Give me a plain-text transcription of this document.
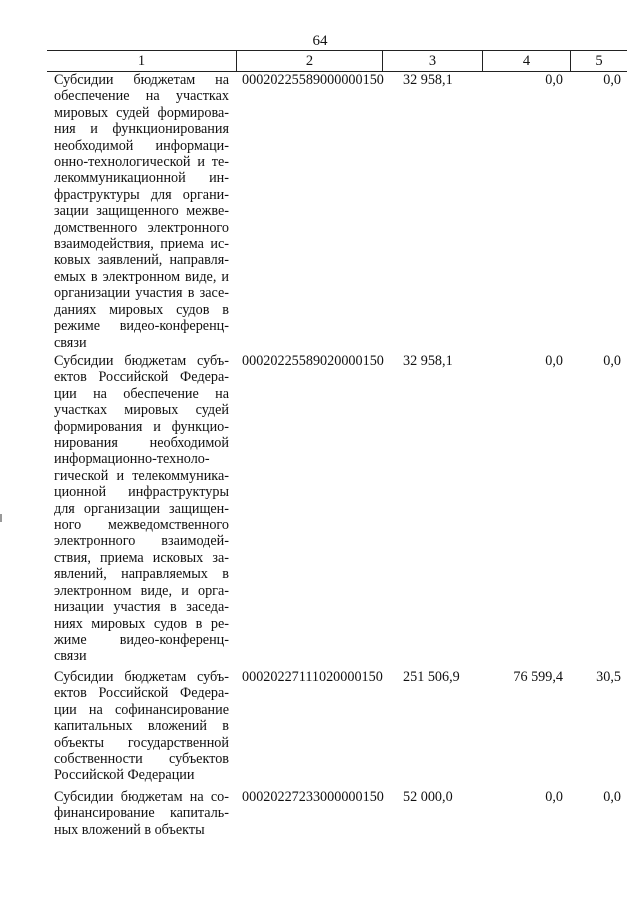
64
1	2	3	4	5
Субсидии бюджетам на
обеспечение на участках
мировых судей формирова-
ния и функционирования
необходимой информаци-
онно-технологической и те-
лекоммуникационной ин-
фраструктуры для органи-
зации защищенного межве-
домственного электронного
взаимодействия, приема ис-
ковых заявлений, направля-
емых в электронном виде, и
организации участия в засе-
даниях мировых судов в
режиме видео-конференц-
связи
00020225589000000150 32 958,1	0,0	0,0
Субсидии бюджетам субъ-
ектов Российской Федера-
ции на обеспечение на
участках мировых судей
формирования и функцио-
нирования необходимой
информационно-техноло-
гической и телекоммуника-
ционной инфраструктуры
для организации защищен-
ного межведомственного
электронного взаимодей-
ствия, приема исковых за-
явлений, направляемых в
электронном виде, и орга-
низации участия в заседа-
ниях мировых судов в ре-
жиме видео-конференц-
связи
00020225589020000150 32 958,1	0,0	0,0
Субсидии бюджетам субъ-
ектов Российской Федера-
ции на софинансирование
капитальных вложений в
объекты государственной
собственности субъектов
Российской Федерации
00020227111020000150 251 506,9	76 599,4	30,5
Субсидии бюджетам на со-
финансирование капиталь-
ных вложений в объекты
00020227233000000150 52 000,0	0,0	0,0
